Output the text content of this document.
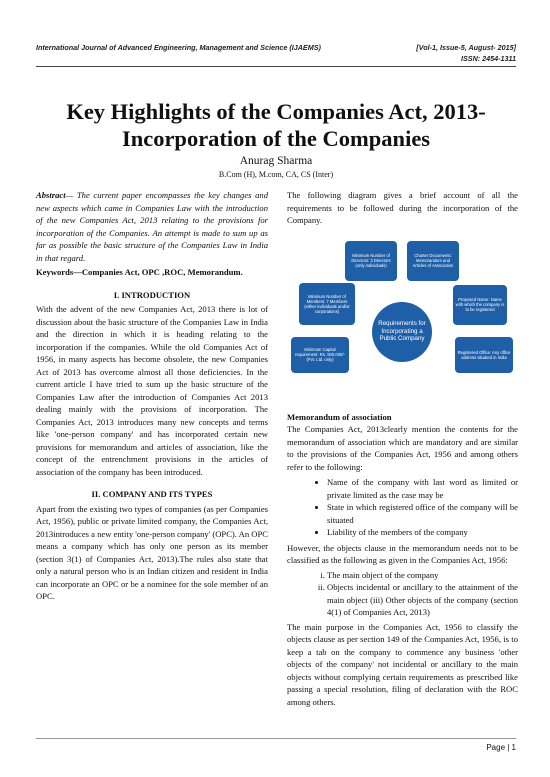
International Journal of Advanced Engineering, Management and Science (IJAEMS)	[Vol-1, Issue-5, August- 2015]
ISSN: 2454-1311
Key Highlights of the Companies Act, 2013- Incorporation of the Companies
Anurag Sharma
B.Com (H), M.com, CA, CS (Inter)

Abstract— The current paper encompasses the key changes and new aspects which came in Companies Law with the introduction of the new Companies Act, 2013 relating to the provisions for incorporation of the Companies. An attempt is made to sum up as far as possible the basic structure of the Companies Law in India in that regard.

Keywords—Companies Act, OPC ,ROC, Memorandum.

I. INTRODUCTION

With the advent of the new Companies Act, 2013 there is lot of discussion about the basic structure of the Companies Law in India and the direction in which it is heading relating to the incorporation if the companies. While the old Companies Act of 1956, in many aspects has become obsolete, the new Companies Act of 2013 has overcome almost all those deficiencies. In the current article I have tried to sum up the basic structure of the Companies Law after the introduction of Companies Act 2013 dealing mainly with the provisions of incorporation. The Companies Act, 2013 introduces many new concepts and terms like 'one-person company' and has incorporated certain new provisions for memorandum and articles of association, like the concept of the entrenchment provisions in the articles of association of the company has been introduced.

II. COMPANY AND ITS TYPES

Apart from the existing two types of companies (as per Companies Act, 1956), public or private limited company, the Companies Act, 2013introduces a new entity 'one-person company' (OPC). An OPC means a company which has only one person as its member (section 3(1) of Companies Act, 2013).The rules also state that only a natural person who is an Indian citizen and resident in India can incorporate an OPC or be a nominee for the sole member of an OPC.

The following diagram gives a brief account of all the requirements to be followed during the incorporation of the Company.

Minimum Number of Directors: 3 Directors (only individuals)
Charter Documents: Memorandum and Articles of Association
Minimum Number of Members: 7 Members (either individuals and/or corporations)
Proposed Name: Name with which the company is to be registered
Minimum Capital requirement: Rs. 500,000/- (Pvt. Ltd. only)
Registered Office: Any office address situated in India
Requirements for Incorporating a Public Company

Memorandum of association

The Companies Act, 2013clearly mention the contents for the memorandum of association which are mandatory and are similar to the provisions of the Companies Act, 1956 and among others refer to the following:

• Name of the company with last word as limited or private limited as the case may be
• State in which registered office of the company will be situated
• Liability of the members of the company

However, the objects clause in the memorandum needs not to be classified as the following as given in the Companies Act, 1956:

i. The main object of the company
ii. Objects incidental or ancillary to the attainment of the main object (iii) Other objects of the company (section 4(1) of Companies Act, 2013)

The main purpose in the Companies Act, 1956 to classify the objects clause as per section 149 of the Companies Act, 1956, is to keep a tab on the company to commence any business 'other objects of the company' not incidental or ancillary to the main objects without complying certain requirements as prescribed like passing a special resolution, filing of declaration with the ROC among others.

Page | 1
